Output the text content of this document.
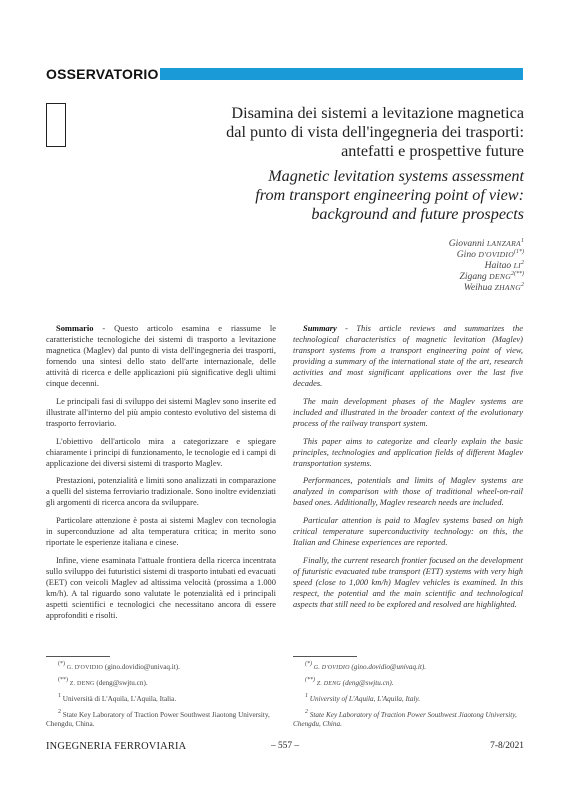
OSSERVATORIO
Disamina dei sistemi a levitazione magnetica
dal punto di vista dell'ingegneria dei trasporti:
antefatti e prospettive future
Magnetic levitation systems assessment
from transport engineering point of view:
background and future prospects
Giovanni LANZARA$^1$
Gino $D'OVIDIO^{(1*)}$
Haitao $LI^2$
Zigang $DENG^{2(**)}$
Weihua ZHANG$^2$

Sommario - Questo articolo esamina e riassume le caratteristiche tecnologiche dei sistemi di trasporto a levitazione magnetica (Maglev) dal punto di vista dell'ingegneria dei trasporti, fornendo una sintesi dello stato dell'arte internazionale, delle attività di ricerca e delle applicazioni più significative degli ultimi cinque decenni.

Le principali fasi di sviluppo dei sistemi Maglev sono inserite ed illustrate all'interno del più ampio contesto evolutivo del sistema di trasporto ferroviario.

L'obiettivo dell'articolo mira a categorizzare e spiegare chiaramente i principi di funzionamento, le tecnologie ed i campi di applicazione dei diversi sistemi di trasporto Maglev.

Prestazioni, potenzialità e limiti sono analizzati in comparazione a quelli del sistema ferroviario tradizionale. Sono inoltre evidenziati gli argomenti di ricerca ancora da sviluppare.

Particolare attenzione è posta ai sistemi Maglev con tecnologia in superconduzione ad alta temperatura critica; in merito sono riportate le esperienze italiana e cinese.

Infine, viene esaminata l'attuale frontiera della ricerca incentrata sullo sviluppo dei futuristici sistemi di trasporto intubati ed evacuati (EET) con veicoli Maglev ad altissima velocità (prossima a 1.000 km/h). A tal riguardo sono valutate le potenzialità ed i principali aspetti scientifici e tecnologici che necessitano ancora di essere approfonditi e risolti.

Summary - This article reviews and summarizes the technological characteristics of magnetic levitation (Maglev) transport systems from a transport engineering point of view, providing a summary of the international state of the art, research activities and most significant applications over the last five decades.

The main development phases of the Maglev systems are included and illustrated in the broader context of the evolutionary process of the railway transport system.

This paper aims to categorize and clearly explain the basic principles, technologies and application fields of different Maglev transportation systems.

Performances, potentials and limits of Maglev systems are analyzed in comparison with those of traditional wheel-on-rail based ones. Additionally, Maglev research needs are included.

Particular attention is paid to Maglev systems based on high critical temperature superconductivity technology: on this, the Italian and Chinese experiences are reported.

Finally, the current research frontier focused on the development of futuristic evacuated tube transport (ETT) systems with very high speed (close to 1,000 km/h) Maglev vehicles is examined. In this respect, the potential and the main scientific and technological aspects that still need to be explored and resolved are highlighted.

(*) G. D'OVIDIO (gino.dovidio@univaq.it).
(**) Z. DENG (deng@swjtu.cn).
$^1$ Università di L'Aquila, L'Aquila, Italia.
$^2$ State Key Laboratory of Traction Power Southwest Jiaotong University, Chengdu, China.
(*) G. D'OVIDIO (gino.dovidio@univaq.it).
(**) Z. DENG (deng@swjtu.cn).
$^1$ University of L'Aquila, L'Aquila, Italy.
$^2$ State Key Laboratory of Traction Power Southwest Jiaotong University, Chengdu, China.
INGEGNERIA FERROVIARIA	– 557 –	7-8/2021
